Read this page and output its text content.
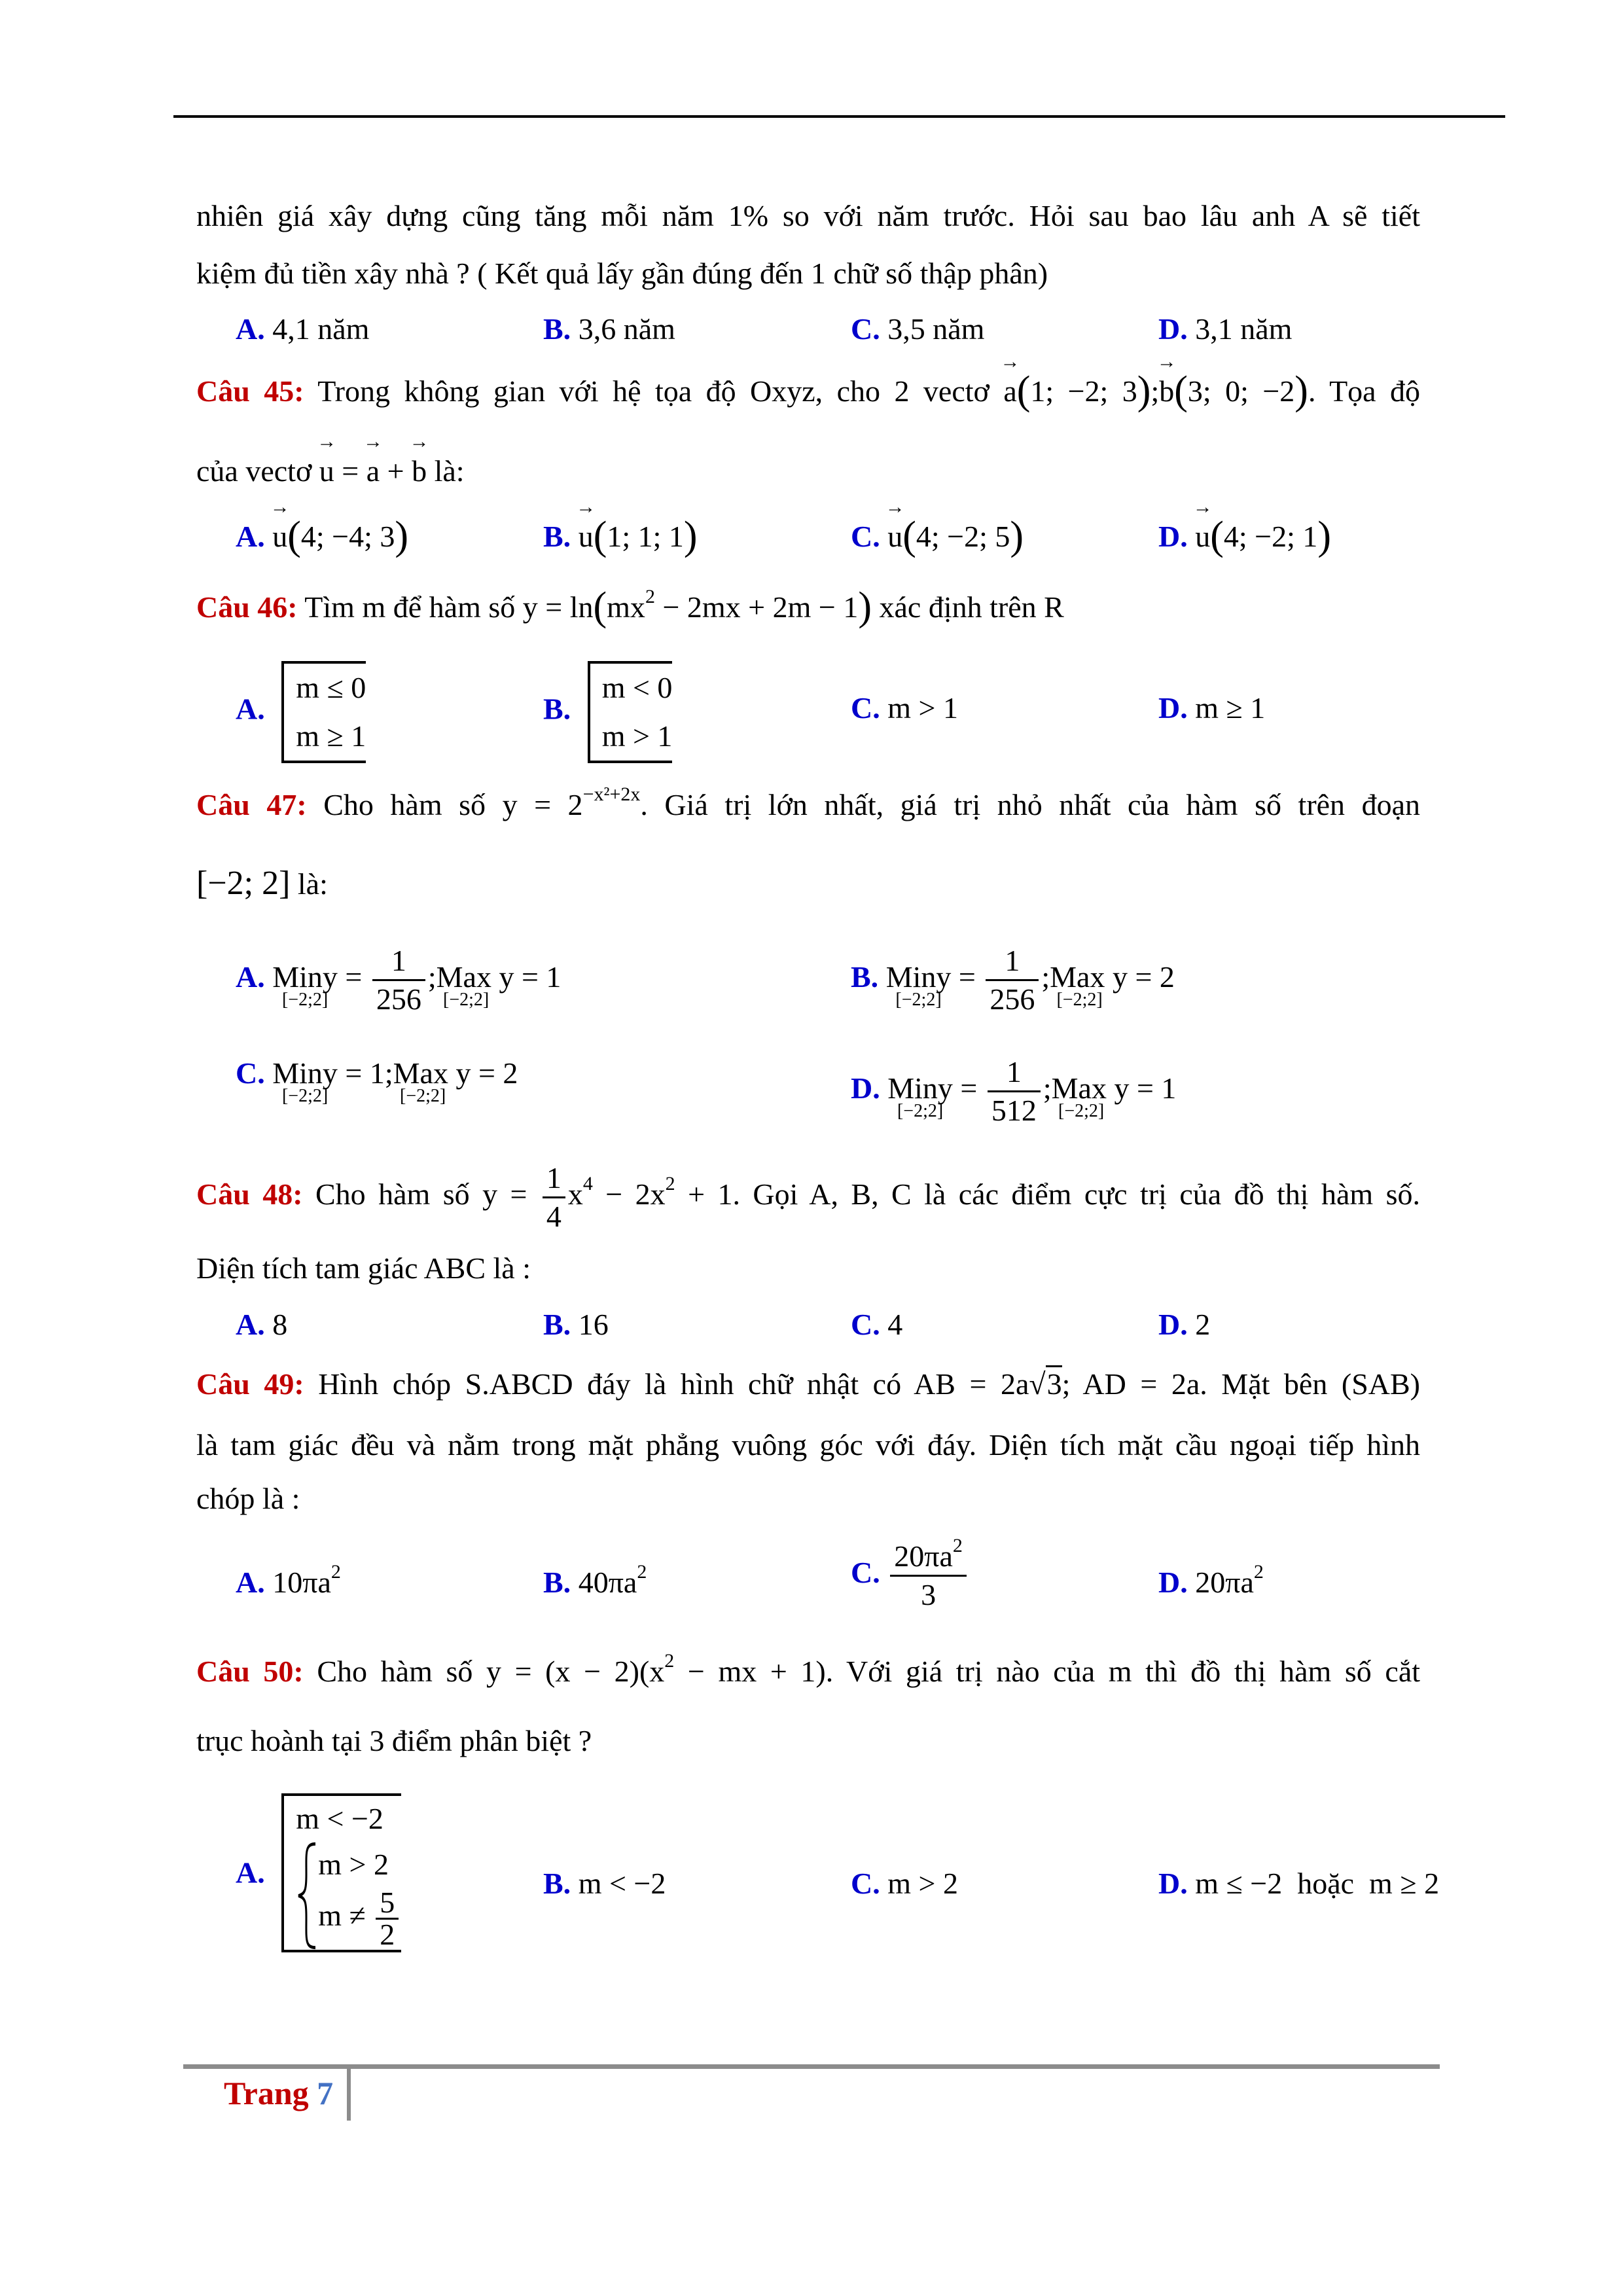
nhiên giá xây dựng cũng tăng mỗi năm 1% so với năm trước. Hỏi sau bao lâu anh A sẽ tiết
kiệm đủ tiền xây nhà ? ( Kết quả lấy gần đúng đến 1 chữ số thập phân)
A. 4,1 năm	B. 3,6 năm	C. 3,5 năm	D. 3,1 năm
Câu 45: Trong không gian với hệ tọa độ Oxyz, cho 2 vectơ → a(1; −2; 3);→ b(3; 0; −2). Tọa độ
của vectơ → u = → a + → b là:
A. → u(4; −4; 3)	B. → u(1; 1; 1)	C. → u(4; −2; 5)	D. → u(4; −2; 1)
Câu 46: Tìm m để hàm số $y = \ln(mx^2 - 2mx + 2m - 1)$ xác định trên R
A.
m ≤ 0
m ≥ 1
B.
m < 0
m > 1
C. m > 1	D. m ≥ 1
Câu 47: Cho hàm số $y = 2^{-x^2+2x}$. Giá trị lớn nhất, giá trị nhỏ nhất của hàm số trên đoạn
[−2; 2] là:
A. Miny
[−2;2]
= $\frac{1}{256}$ ;Max
[−2;2]
y = 1	B. Miny
[−2;2]
= $\frac{1}{256}$ ;Max
[−2;2]
y = 2
C. Miny
[−2;2]
= 1;Max
[−2;2]
y = 2	D. Miny
[−2;2]
= $\frac{1}{512}$ ;Max
[−2;2]
y = 1
Câu 48: Cho hàm số $y = \frac{1}{4} x^4 - 2x^2 + 1$. Gọi A, B, C là các điểm cực trị của đồ thị hàm số.
Diện tích tam giác ABC là :
A. 8	B. 16	C. 4	D. 2
Câu 49: Hình chóp S.ABCD đáy là hình chữ nhật có AB = 2a√3; AD = 2a. Mặt bên (SAB)
là tam giác đều và nằm trong mặt phẳng vuông góc với đáy. Diện tích mặt cầu ngoại tiếp hình
chóp là :
A. $10\pi a^2$	B. $40\pi a^2$	C. $\frac{20\pi a^2}{3}$	D. $20\pi a^2$
Câu 50: Cho hàm số $y = (x - 2)(x^2$ − mx + 1). Với giá trị nào của m thì đồ thị hàm số cắt
trục hoành tại 3 điểm phân biệt ?
A.
m < −2
m > 2
$m \ne \frac{5}{2}$
B. m < −2	C. m > 2	D. m ≤ −2  hoặc  m ≥ 2
Trang 7
